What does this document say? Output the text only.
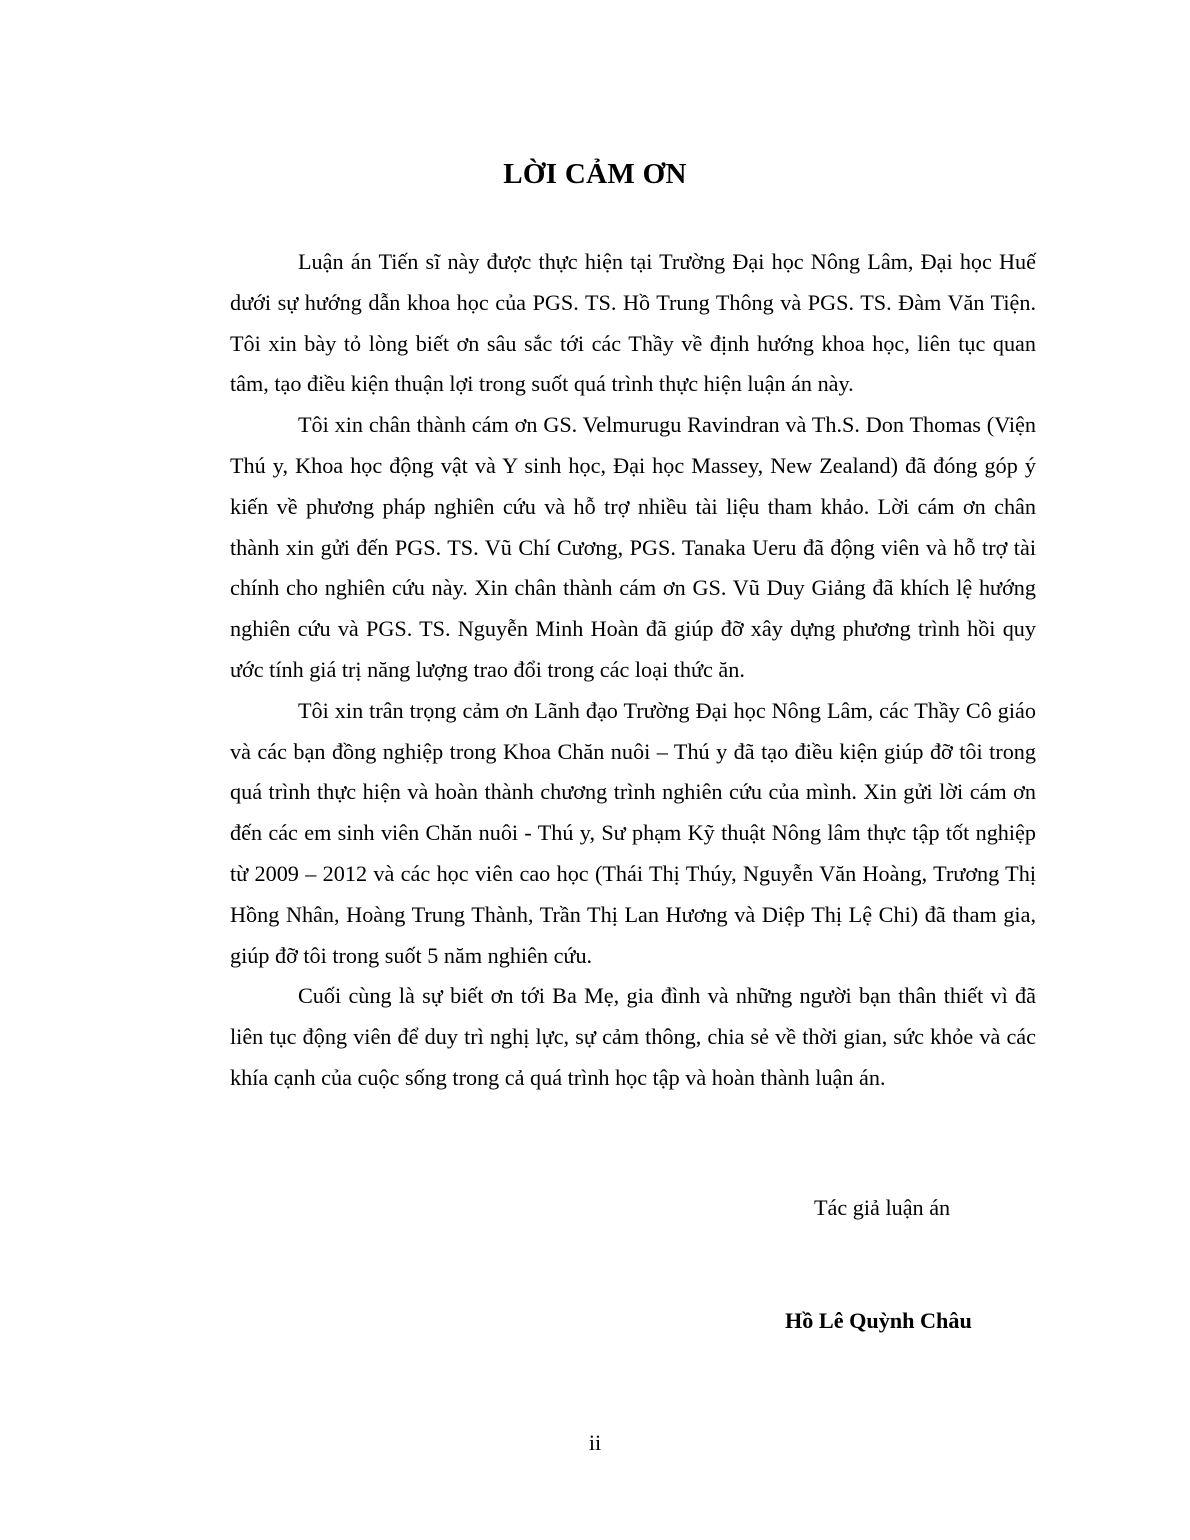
LỜI CẢM ƠN

Luận án Tiến sĩ này được thực hiện tại Trường Đại học Nông Lâm, Đại học Huế dưới sự hướng dẫn khoa học của PGS. TS. Hồ Trung Thông và PGS. TS. Đàm Văn Tiện. Tôi xin bày tỏ lòng biết ơn sâu sắc tới các Thầy về định hướng khoa học, liên tục quan tâm, tạo điều kiện thuận lợi trong suốt quá trình thực hiện luận án này.

Tôi xin chân thành cám ơn GS. Velmurugu Ravindran và Th.S. Don Thomas (Viện Thú y, Khoa học động vật và Y sinh học, Đại học Massey, New Zealand) đã đóng góp ý kiến về phương pháp nghiên cứu và hỗ trợ nhiều tài liệu tham khảo. Lời cám ơn chân thành xin gửi đến PGS. TS. Vũ Chí Cương, PGS. Tanaka Ueru đã động viên và hỗ trợ tài chính cho nghiên cứu này. Xin chân thành cám ơn GS. Vũ Duy Giảng đã khích lệ hướng nghiên cứu và PGS. TS. Nguyễn Minh Hoàn đã giúp đỡ xây dựng phương trình hồi quy ước tính giá trị năng lượng trao đổi trong các loại thức ăn.

Tôi xin trân trọng cảm ơn Lãnh đạo Trường Đại học Nông Lâm, các Thầy Cô giáo và các bạn đồng nghiệp trong Khoa Chăn nuôi – Thú y đã tạo điều kiện giúp đỡ tôi trong quá trình thực hiện và hoàn thành chương trình nghiên cứu của mình. Xin gửi lời cám ơn đến các em sinh viên Chăn nuôi - Thú y, Sư phạm Kỹ thuật Nông lâm thực tập tốt nghiệp từ 2009 – 2012 và các học viên cao học (Thái Thị Thúy, Nguyễn Văn Hoàng, Trương Thị Hồng Nhân, Hoàng Trung Thành, Trần Thị Lan Hương và Diệp Thị Lệ Chi) đã tham gia, giúp đỡ tôi trong suốt 5 năm nghiên cứu.

Cuối cùng là sự biết ơn tới Ba Mẹ, gia đình và những người bạn thân thiết vì đã liên tục động viên để duy trì nghị lực, sự cảm thông, chia sẻ về thời gian, sức khỏe và các khía cạnh của cuộc sống trong cả quá trình học tập và hoàn thành luận án.

Tác giả luận án
Hồ Lê Quỳnh Châu
ii
